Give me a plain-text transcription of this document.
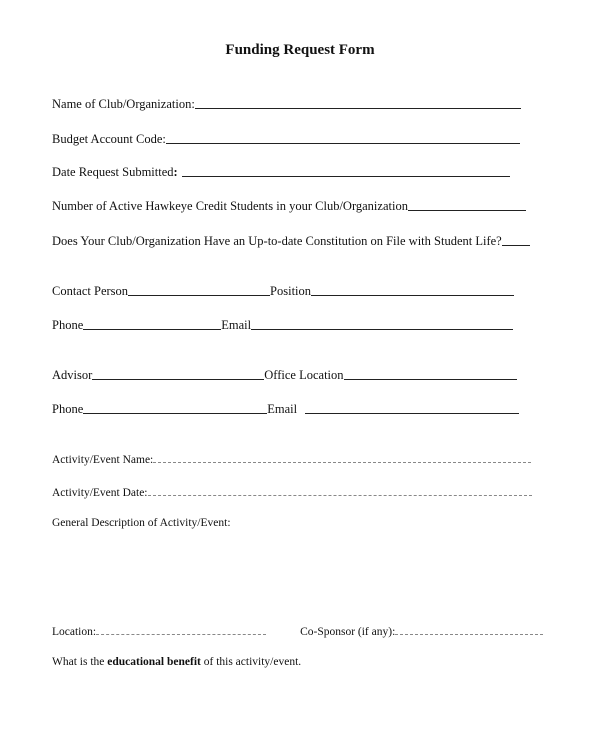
Funding Request Form
Name of Club/Organization:
Budget Account Code:
Date Request Submitted :
Number of Active Hawkeye Credit Students in your Club/Organization
Does Your Club/Organization Have an Up-to-date Constitution on File with Student Life?
Contact Person	Position
Phone	Email
Advisor	Office Location
Phone	Email
Activity/Event Name:
Activity/Event Date:
General Description of Activity/Event:
Location:	Co-Sponsor (if any):
What is the educational benefit of this activity/event.
